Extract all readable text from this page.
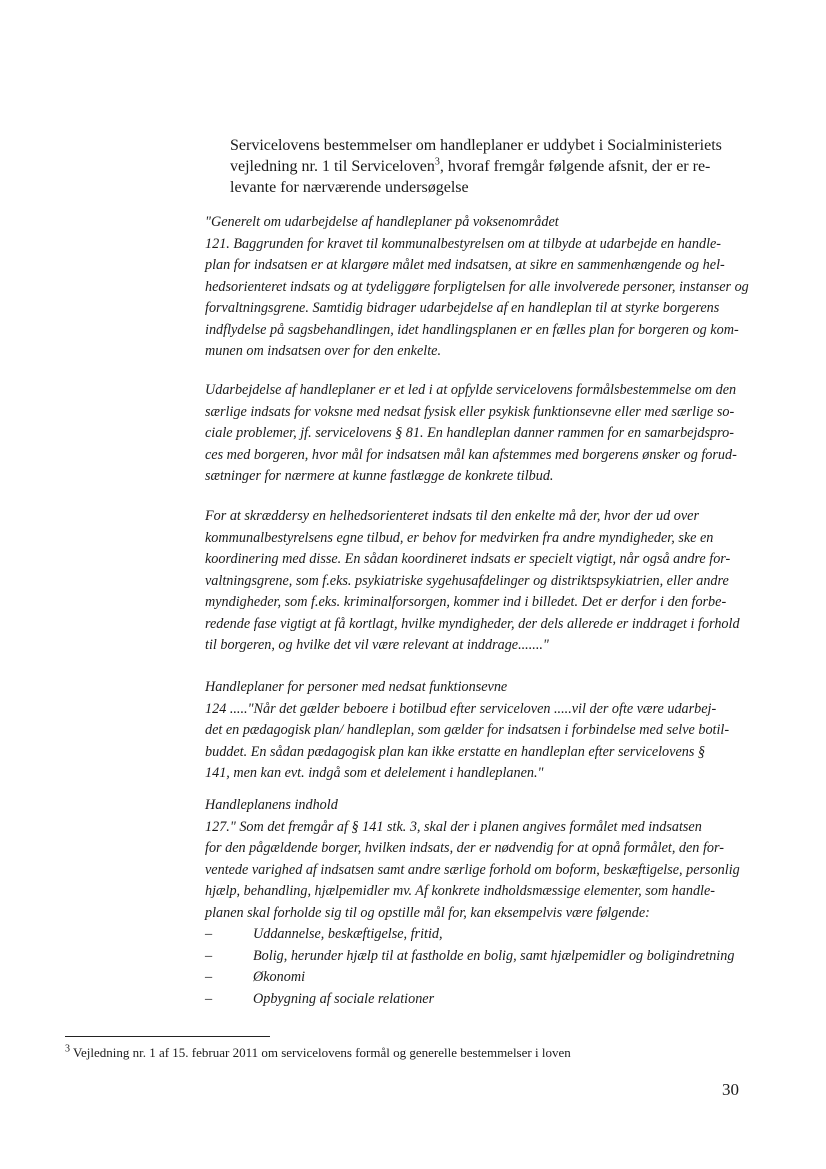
Servicelovens bestemmelser om handleplaner er uddybet i Socialministeriets
vejledning nr. 1 til Serviceloven$^3$, hvoraf fremgår følgende afsnit, der er re-
levante for nærværende undersøgelse

"Generelt om udarbejdelse af handleplaner på voksenområdet
121. Baggrunden for kravet til kommunalbestyrelsen om at tilbyde at udarbejde en handle-
plan for indsatsen er at klargøre målet med indsatsen, at sikre en sammenhængende og hel-
hedsorienteret indsats og at tydeliggøre forpligtelsen for alle involverede personer, instanser og
forvaltningsgrene. Samtidig bidrager udarbejdelse af en handleplan til at styrke borgerens
indflydelse på sagsbehandlingen, idet handlingsplanen er en fælles plan for borgeren og kom-
munen om indsatsen over for den enkelte.
Udarbejdelse af handleplaner er et led i at opfylde servicelovens formålsbestemmelse om den
særlige indsats for voksne med nedsat fysisk eller psykisk funktionsevne eller med særlige so-
ciale problemer, jf. servicelovens § 81. En handleplan danner rammen for en samarbejdspro-
ces med borgeren, hvor mål for indsatsen mål kan afstemmes med borgerens ønsker og forud-
sætninger for nærmere at kunne fastlægge de konkrete tilbud.
For at skræddersy en helhedsorienteret indsats til den enkelte må der, hvor der ud over
kommunalbestyrelsens egne tilbud, er behov for medvirken fra andre myndigheder, ske en
koordinering med disse. En sådan koordineret indsats er specielt vigtigt, når også andre for-
valtningsgrene, som f.eks. psykiatriske sygehusafdelinger og distriktspsykiatrien, eller andre
myndigheder, som f.eks. kriminalforsorgen, kommer ind i billedet. Det er derfor i den forbe-
redende fase vigtigt at få kortlagt, hvilke myndigheder, der dels allerede er inddraget i forhold
til borgeren, og hvilke det vil være relevant at inddrage......."
Handleplaner for personer med nedsat funktionsevne
124 ....."Når det gælder beboere i botilbud efter serviceloven .....vil der ofte være udarbej-
det en pædagogisk plan/ handleplan, som gælder for indsatsen i forbindelse med selve botil-
buddet. En sådan pædagogisk plan kan ikke erstatte en handleplan efter servicelovens §
141, men kan evt. indgå som et delelement i handleplanen."
Handleplanens indhold
127." Som det fremgår af § 141 stk. 3, skal der i planen angives formålet med indsatsen
for den pågældende borger, hvilken indsats, der er nødvendig for at opnå formålet, den for-
ventede varighed af indsatsen samt andre særlige forhold om boform, beskæftigelse, personlig
hjælp, behandling, hjælpemidler mv. Af konkrete indholdsmæssige elementer, som handle-
planen skal forholde sig til og opstille mål for, kan eksempelvis være følgende:
–	Uddannelse, beskæftigelse, fritid,
–	Bolig, herunder hjælp til at fastholde en bolig, samt hjælpemidler og boligindretning
–	Økonomi
–	Opbygning af sociale relationer
$^3$ Vejledning nr. 1 af 15. februar 2011 om servicelovens formål og generelle bestemmelser i loven
30
